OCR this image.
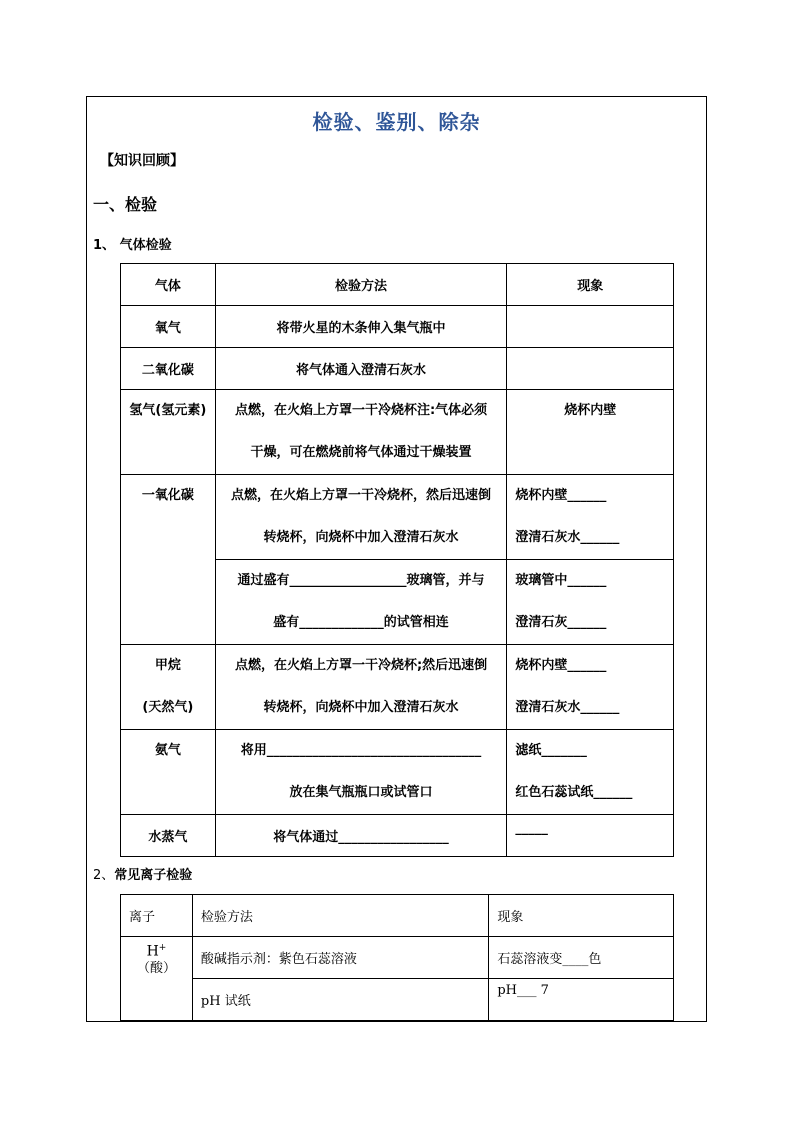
检验、鉴别、除杂
【知识回顾】
一、检验
1、 气体检验
气体	检验方法	现象
氧气	将带火星的木条伸入集气瓶中	
二氧化碳	将气体通入澄清石灰水	

氢气(氢元素)	点燃，在火焰上方罩一干冷烧杯注:气体必须
干燥，可在燃烧前将气体通过干燥装置	烧杯内壁

一氧化碳	点燃，在火焰上方罩一干冷烧杯，然后迅速倒
转烧杯，向烧杯中加入澄清石灰水	烧杯内壁______
澄清石灰水______

	通过盛有__________________玻璃管，并与
盛有_____________的试管相连	玻璃管中______
澄清石灰______

甲烷
(天然气)	点燃，在火焰上方罩一干冷烧杯;然后迅速倒
转烧杯，向烧杯中加入澄清石灰水	烧杯内壁______
澄清石灰水______

氨气	将用_________________________________
放在集气瓶瓶口或试管口	滤纸_______
红色石蕊试纸______

水蒸气	将气体通过_________________	_____
2、常见离子检验
离子	检验方法	现象

H+
（酸）	酸碱指示剂：紫色石蕊溶液	石蕊溶液变____色
	pH 试纸	pH___ 7
